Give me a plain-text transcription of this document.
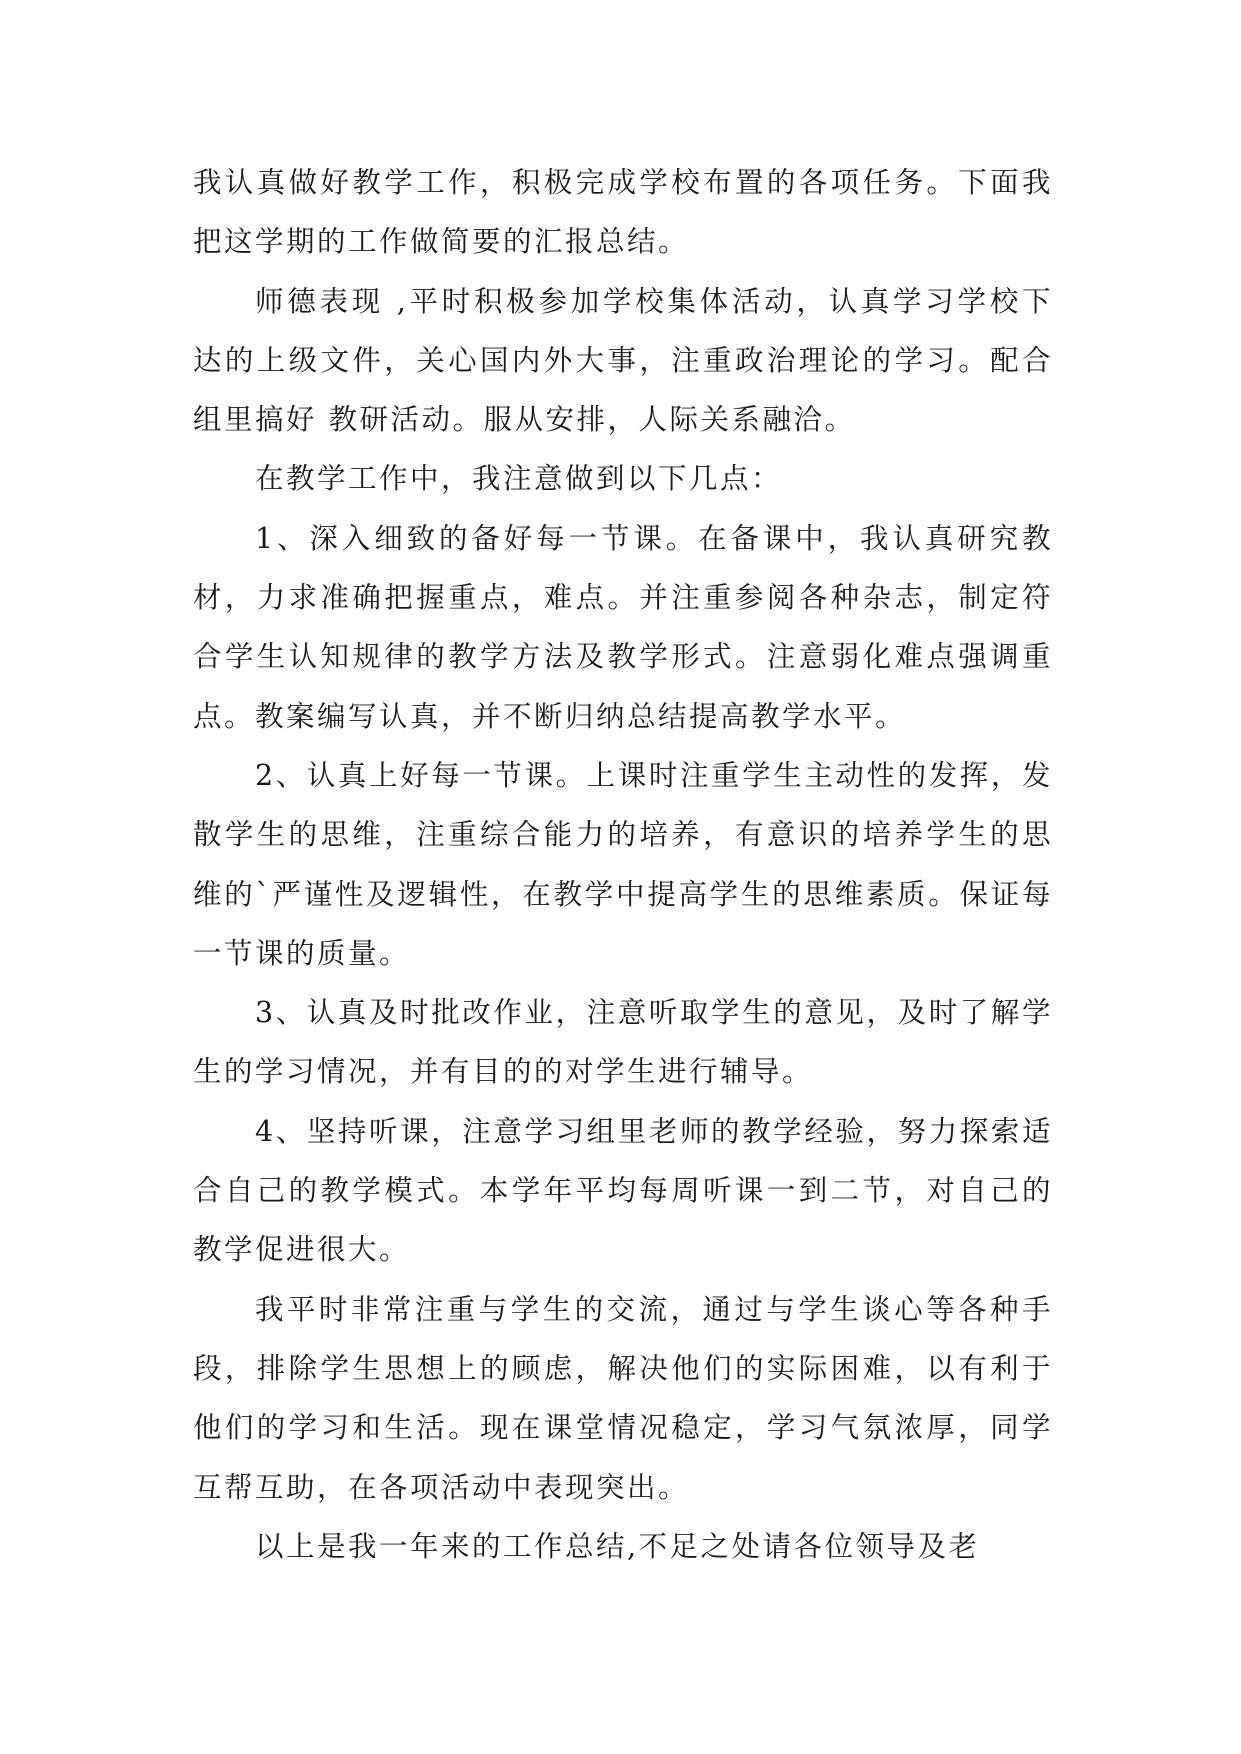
我认真做好教学工作，积极完成学校布置的各项任务。下面我把这学期的工作做简要的汇报总结。

师德表现 ,平时积极参加学校集体活动，认真学习学校下达的上级文件，关心国内外大事，注重政治理论的学习。配合组里搞好 教研活动。服从安排，人际关系融洽。

在教学工作中，我注意做到以下几点：

1、深入细致的备好每一节课。在备课中，我认真研究教材，力求准确把握重点，难点。并注重参阅各种杂志，制定符合学生认知规律的教学方法及教学形式。注意弱化难点强调重点。教案编写认真，并不断归纳总结提高教学水平。

2、认真上好每一节课。上课时注重学生主动性的发挥，发散学生的思维，注重综合能力的培养，有意识的培养学生的思维的`严谨性及逻辑性，在教学中提高学生的思维素质。保证每一节课的质量。

3、认真及时批改作业，注意听取学生的意见，及时了解学生的学习情况，并有目的的对学生进行辅导。

4、坚持听课，注意学习组里老师的教学经验，努力探索适合自己的教学模式。本学年平均每周听课一到二节，对自己的教学促进很大。

我平时非常注重与学生的交流，通过与学生谈心等各种手段，排除学生思想上的顾虑，解决他们的实际困难，以有利于他们的学习和生活。现在课堂情况稳定，学习气氛浓厚，同学互帮互助，在各项活动中表现突出。

以上是我一年来的工作总结,不足之处请各位领导及老
